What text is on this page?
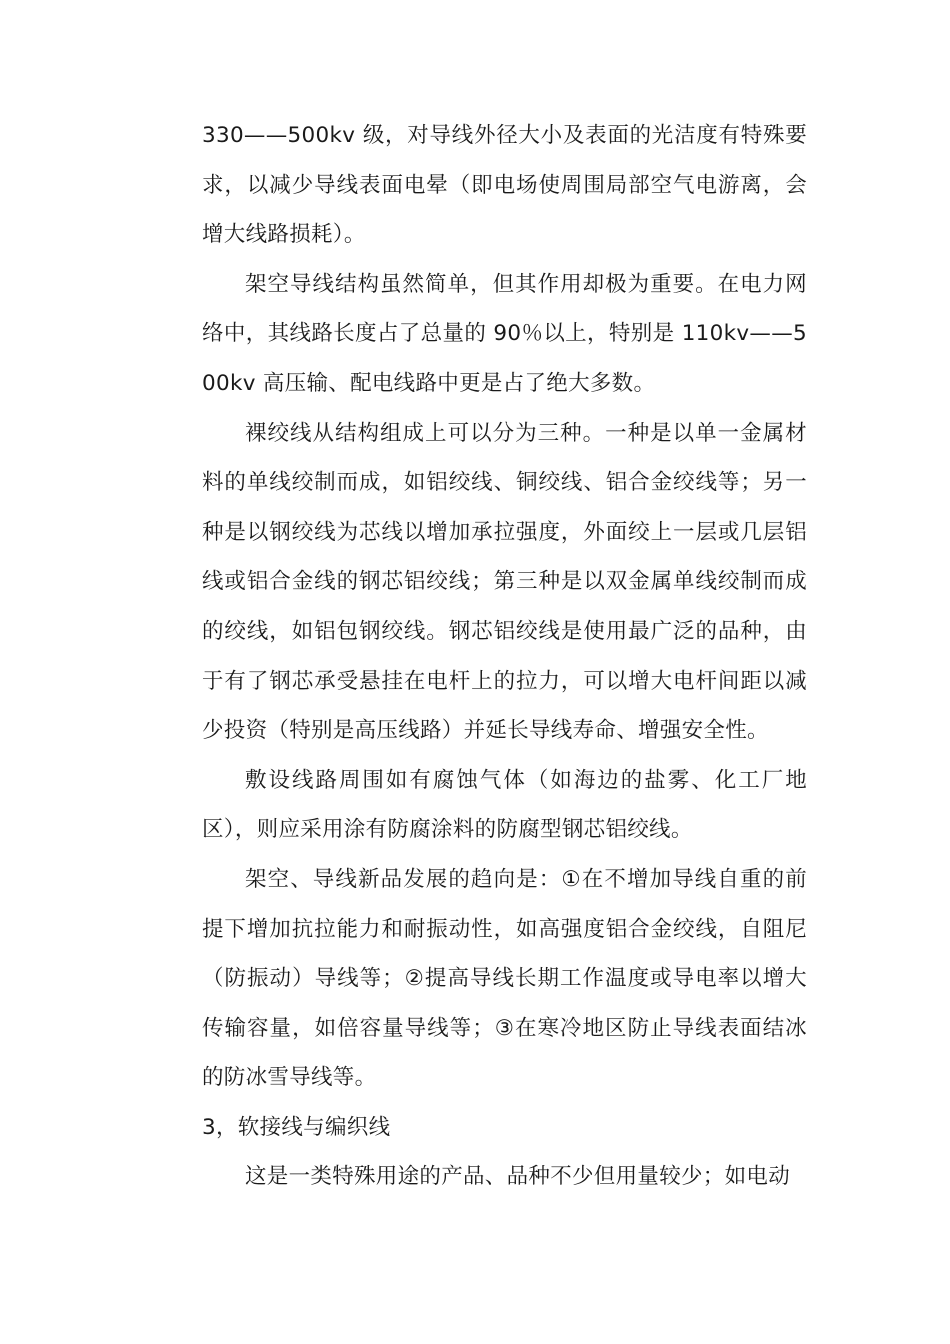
330——500kv 级，对导线外径大小及表面的光洁度有特殊要求，以减少导线表面电晕（即电场使周围局部空气电游离，会增大线路损耗）。

架空导线结构虽然简单，但其作用却极为重要。在电力网络中，其线路长度占了总量的 90％以上，特别是 110kv——500kv 高压输、配电线路中更是占了绝大多数。

裸绞线从结构组成上可以分为三种。一种是以单一金属材料的单线绞制而成，如铝绞线、铜绞线、铝合金绞线等；另一种是以钢绞线为芯线以增加承拉强度，外面绞上一层或几层铝线或铝合金线的钢芯铝绞线；第三种是以双金属单线绞制而成的绞线，如铝包钢绞线。钢芯铝绞线是使用最广泛的品种，由于有了钢芯承受悬挂在电杆上的拉力，可以增大电杆间距以减少投资（特别是高压线路）并延长导线寿命、增强安全性。

敷设线路周围如有腐蚀气体（如海边的盐雾、化工厂地区），则应采用涂有防腐涂料的防腐型钢芯铝绞线。

架空、导线新品发展的趋向是：①在不增加导线自重的前提下增加抗拉能力和耐振动性，如高强度铝合金绞线，自阻尼（防振动）导线等；②提高导线长期工作温度或导电率以增大传输容量，如倍容量导线等；③在寒冷地区防止导线表面结冰的防冰雪导线等。

3，软接线与编织线

这是一类特殊用途的产品、品种不少但用量较少；如电动
